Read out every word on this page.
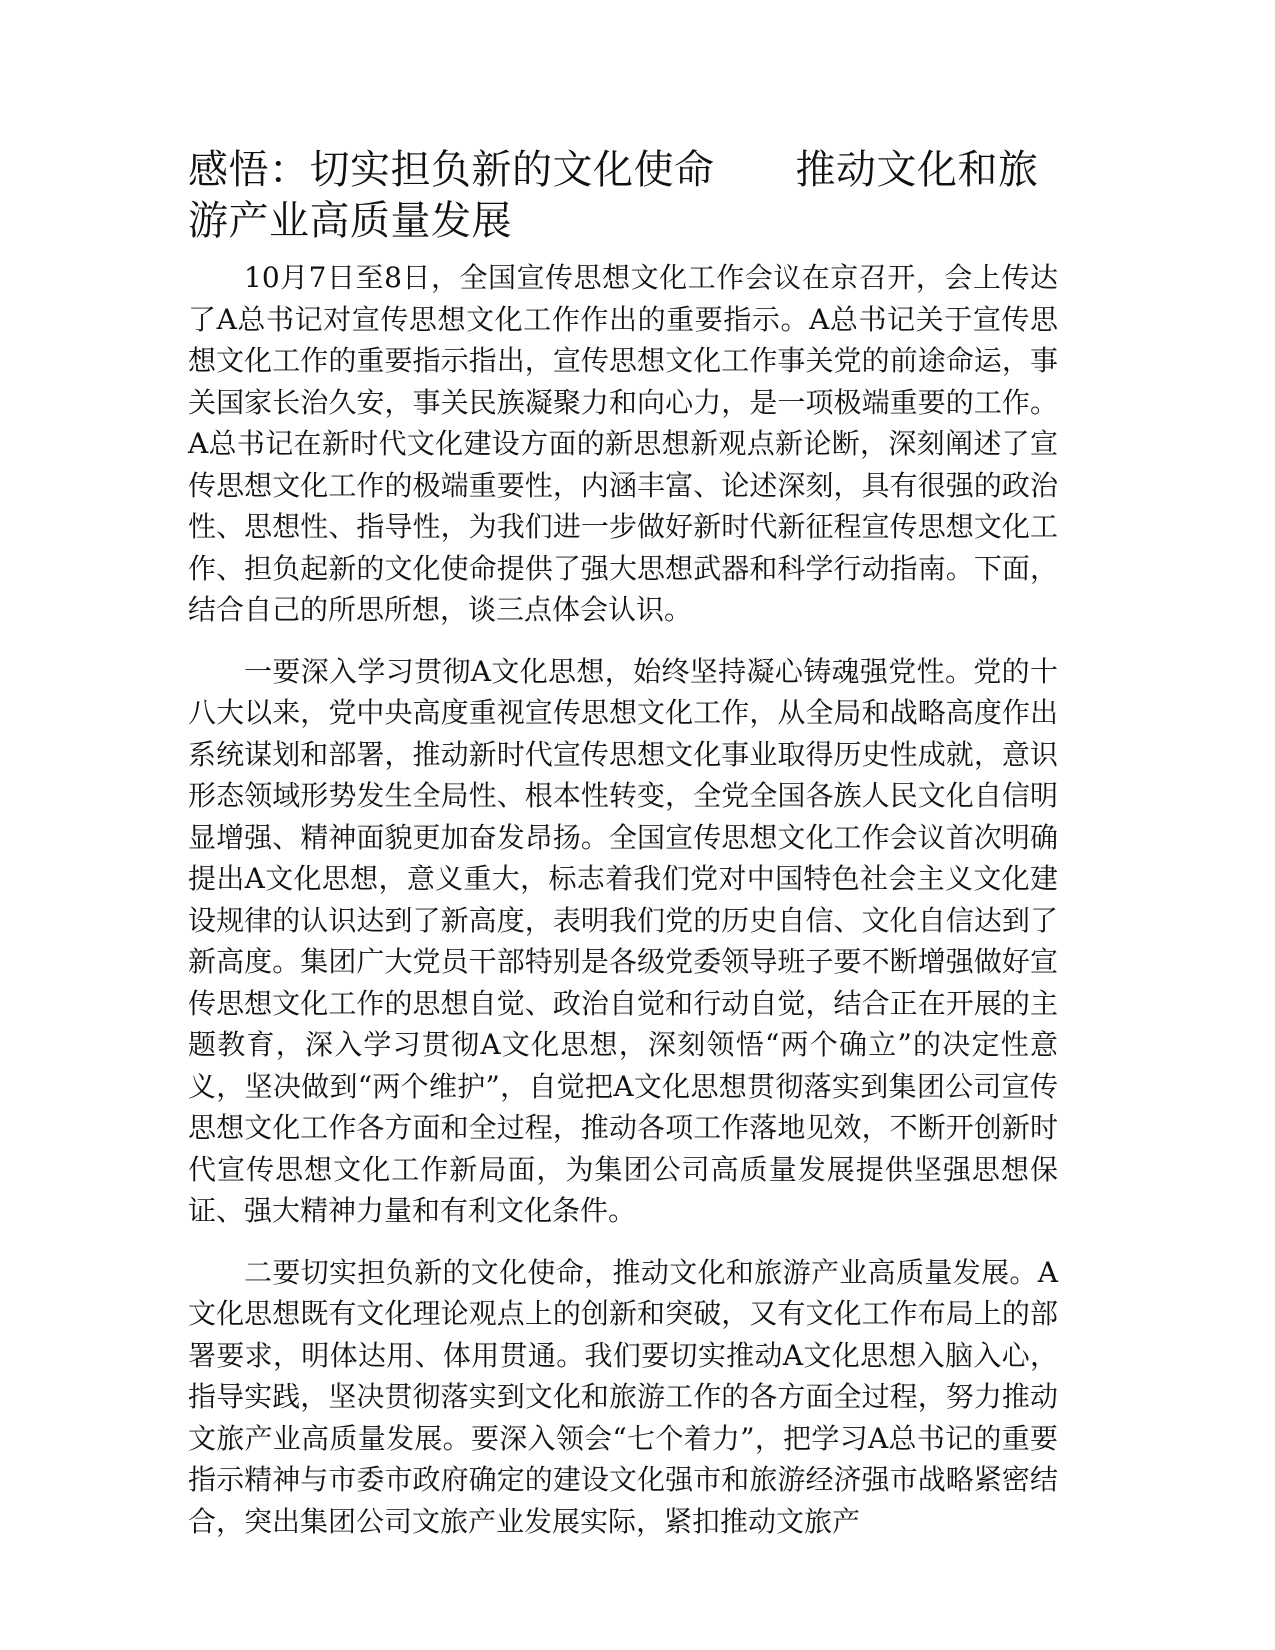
感悟：切实担负新的文化使命　　推动文化和旅
游产业高质量发展

10月7日至8日，全国宣传思想文化工作会议在京召开，会上传达了A总书记对宣传思想文化工作作出的重要指示。A总书记关于宣传思想文化工作的重要指示指出，宣传思想文化工作事关党的前途命运，事关国家长治久安，事关民族凝聚力和向心力，是一项极端重要的工作。A总书记在新时代文化建设方面的新思想新观点新论断，深刻阐述了宣传思想文化工作的极端重要性，内涵丰富、论述深刻，具有很强的政治性、思想性、指导性，为我们进一步做好新时代新征程宣传思想文化工作、担负起新的文化使命提供了强大思想武器和科学行动指南。下面，结合自己的所思所想，谈三点体会认识。

一要深入学习贯彻A文化思想，始终坚持凝心铸魂强党性。党的十八大以来，党中央高度重视宣传思想文化工作，从全局和战略高度作出系统谋划和部署，推动新时代宣传思想文化事业取得历史性成就，意识形态领域形势发生全局性、根本性转变，全党全国各族人民文化自信明显增强、精神面貌更加奋发昂扬。全国宣传思想文化工作会议首次明确提出A文化思想，意义重大，标志着我们党对中国特色社会主义文化建设规律的认识达到了新高度，表明我们党的历史自信、文化自信达到了新高度。集团广大党员干部特别是各级党委领导班子要不断增强做好宣传思想文化工作的思想自觉、政治自觉和行动自觉，结合正在开展的主题教育，深入学习贯彻A文化思想，深刻领悟“两个确立”的决定性意义，坚决做到“两个维护”，自觉把A文化思想贯彻落实到集团公司宣传思想文化工作各方面和全过程，推动各项工作落地见效，不断开创新时代宣传思想文化工作新局面，为集团公司高质量发展提供坚强思想保证、强大精神力量和有利文化条件。

二要切实担负新的文化使命，推动文化和旅游产业高质量发展。A文化思想既有文化理论观点上的创新和突破，又有文化工作布局上的部署要求，明体达用、体用贯通。我们要切实推动A文化思想入脑入心，指导实践，坚决贯彻落实到文化和旅游工作的各方面全过程，努力推动文旅产业高质量发展。要深入领会“七个着力”，把学习A总书记的重要指示精神与市委市政府确定的建设文化强市和旅游经济强市战略紧密结合，突出集团公司文旅产业发展实际，紧扣推动文旅产
